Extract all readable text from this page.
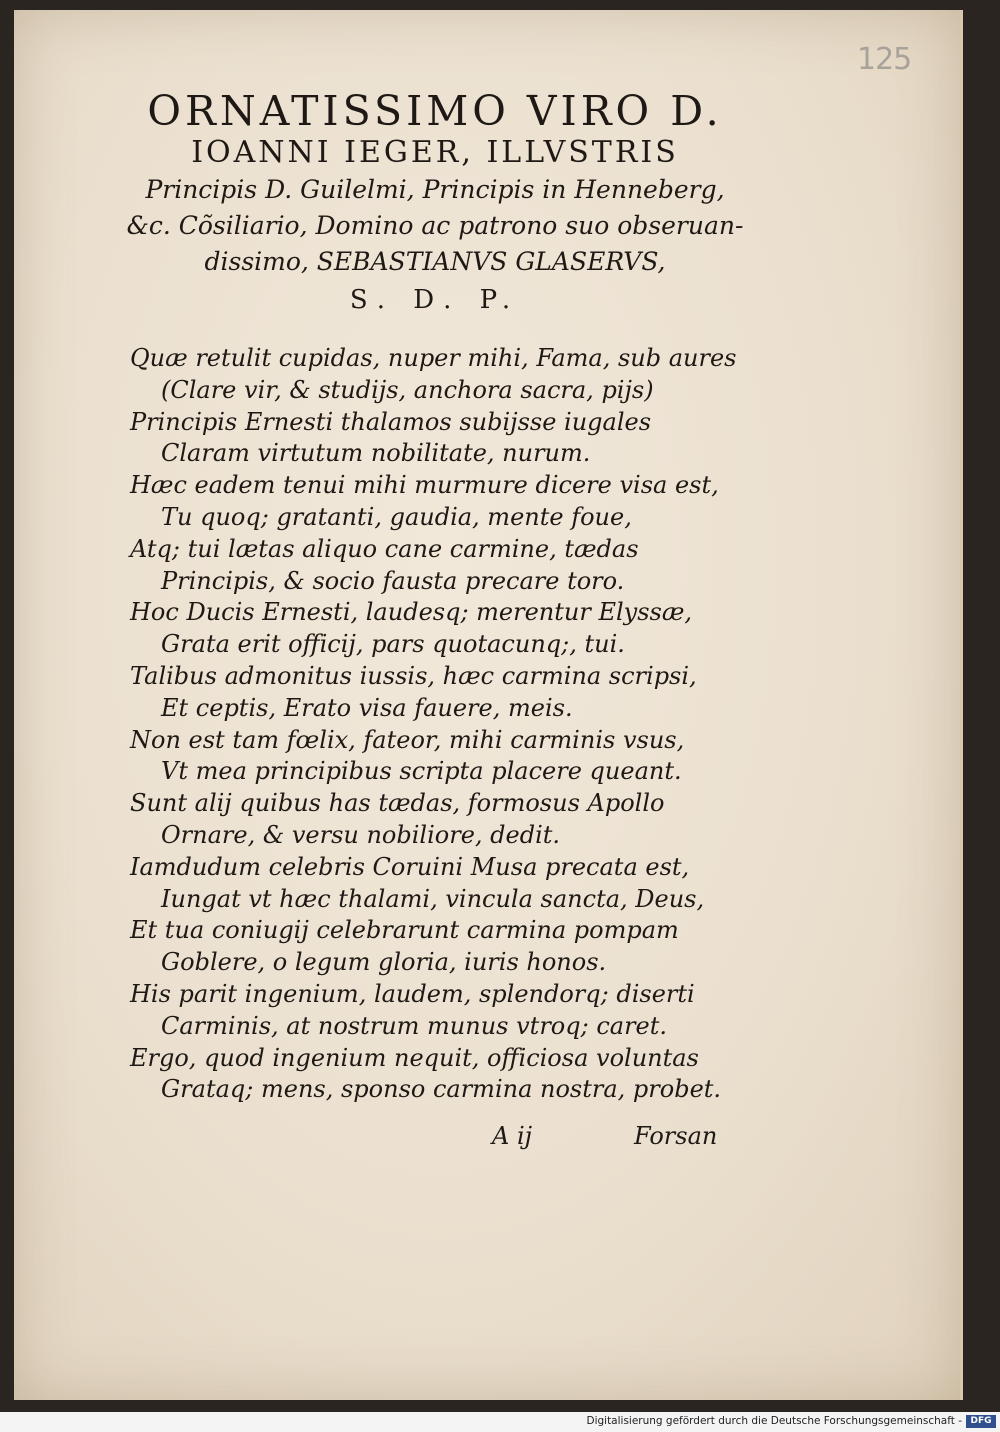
125
ORNATISSIMO VIRO D.
IOANNI IEGER, ILLVSTRIS
Principis D. Guilelmi, Principis in Henneberg,
&c. Cõsiliario, Domino ac patrono suo obseruan-
dissimo, SEBASTIANVS GLASERVS,
S. D. P.
Quæ retulit cupidas, nuper mihi, Fama, sub aures
(Clare vir, & studijs, anchora sacra, pijs)
Principis Ernesti thalamos subijsse iugales
Claram virtutum nobilitate, nurum.
Hæc eadem tenui mihi murmure dicere visa est,
Tu quoq; gratanti, gaudia, mente foue,
Atq; tui lætas aliquo cane carmine, tædas
Principis, & socio fausta precare toro.
Hoc Ducis Ernesti, laudesq; merentur Elyssæ,
Grata erit officij, pars quotacunq;, tui.
Talibus admonitus iussis, hæc carmina scripsi,
Et ceptis, Erato visa fauere, meis.
Non est tam fœlix, fateor, mihi carminis vsus,
Vt mea principibus scripta placere queant.
Sunt alij quibus has tædas, formosus Apollo
Ornare, & versu nobiliore, dedit.
Iamdudum celebris Coruini Musa precata est,
Iungat vt hæc thalami, vincula sancta, Deus,
Et tua coniugij celebrarunt carmina pompam
Goblere, o legum gloria, iuris honos.
His parit ingenium, laudem, splendorq; diserti
Carminis, at nostrum munus vtroq; caret.
Ergo, quod ingenium nequit, officiosa voluntas
Grataq; mens, sponso carmina nostra, probet.
A ij	Forsan
Digitalisierung gefördert durch die Deutsche Forschungsgemeinschaft - DFG
